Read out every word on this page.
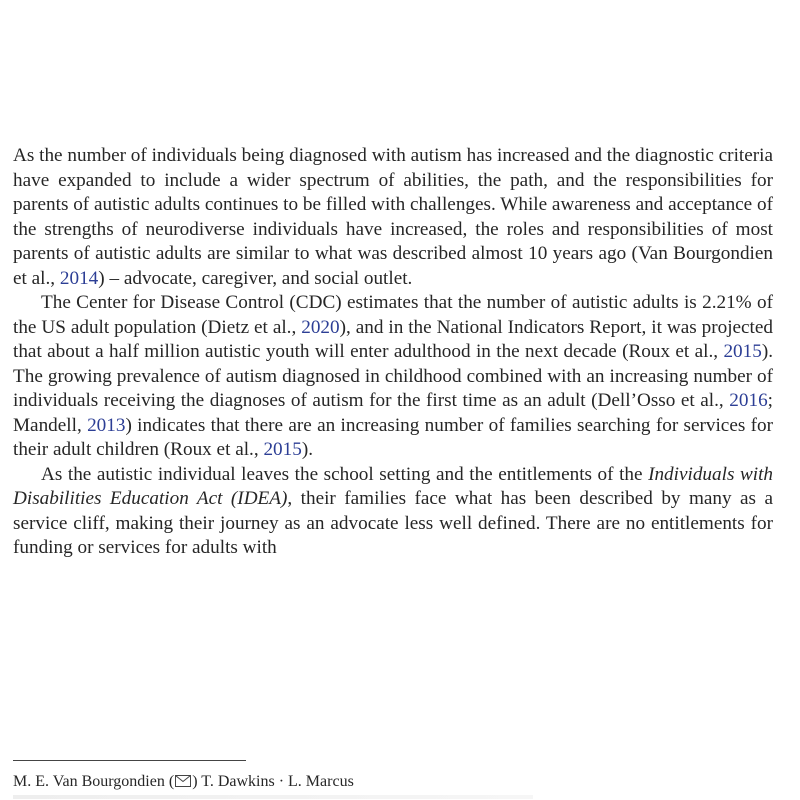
As the number of individuals being diagnosed with autism has increased and the diagnostic criteria have expanded to include a wider spectrum of abilities, the path, and the responsibilities for parents of autistic adults continues to be filled with challenges. While awareness and acceptance of the strengths of neurodiverse individuals have increased, the roles and responsibilities of most parents of autistic adults are similar to what was described almost 10 years ago (Van Bourgondien et al., 2014) – advocate, caregiver, and social outlet.

The Center for Disease Control (CDC) estimates that the number of autistic adults is 2.21% of the US adult population (Dietz et al., 2020), and in the National Indicators Report, it was projected that about a half million autistic youth will enter adulthood in the next decade (Roux et al., 2015). The growing prevalence of autism diagnosed in childhood combined with an increasing number of individuals receiving the diagnoses of autism for the first time as an adult (Dell’Osso et al., 2016; Mandell, 2013) indicates that there are an increasing number of families searching for services for their adult children (Roux et al., 2015).

As the autistic individual leaves the school setting and the entitlements of the Individuals with Disabilities Education Act (IDEA), their families face what has been described by many as a service cliff, making their journey as an advocate less well defined. There are no entitlements for funding or services for adults with

M. E. Van Bourgondien ( ) T. Dawkins · L. Marcus
